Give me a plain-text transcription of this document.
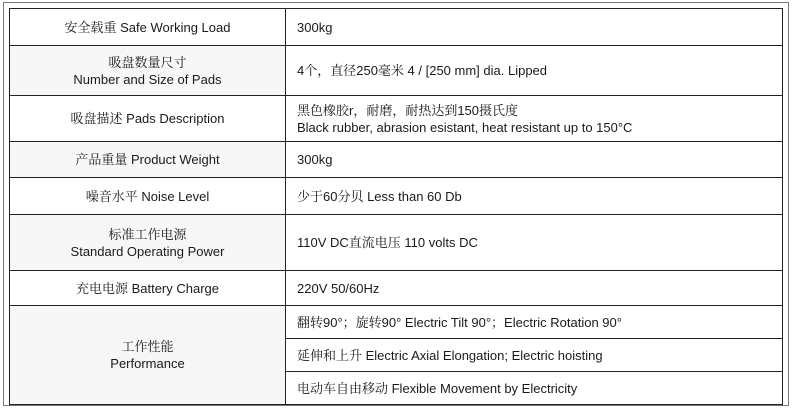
安全载重 Safe Working Load	300kg

吸盘数量尺寸
Number and Size of Pads	4个，直径250毫米 4 / [250 mm] dia. Lipped

吸盘描述 Pads Description	黑色橡胶r，耐磨，耐热达到150摄氏度
Black rubber, abrasion esistant, heat resistant up to 150°C

产品重量 Product Weight	300kg

噪音水平 Noise Level	少于60分贝 Less than 60 Db

标准工作电源
Standard Operating Power	110V DC直流电压 110 volts DC

充电电源 Battery Charge	220V 50/60Hz

工作性能
Performance	翻转90°；旋转90° Electric Tilt 90°；Electric Rotation 90°

	延伸和上升 Electric Axial Elongation; Electric hoisting

	电动车自由移动 Flexible Movement by Electricity
